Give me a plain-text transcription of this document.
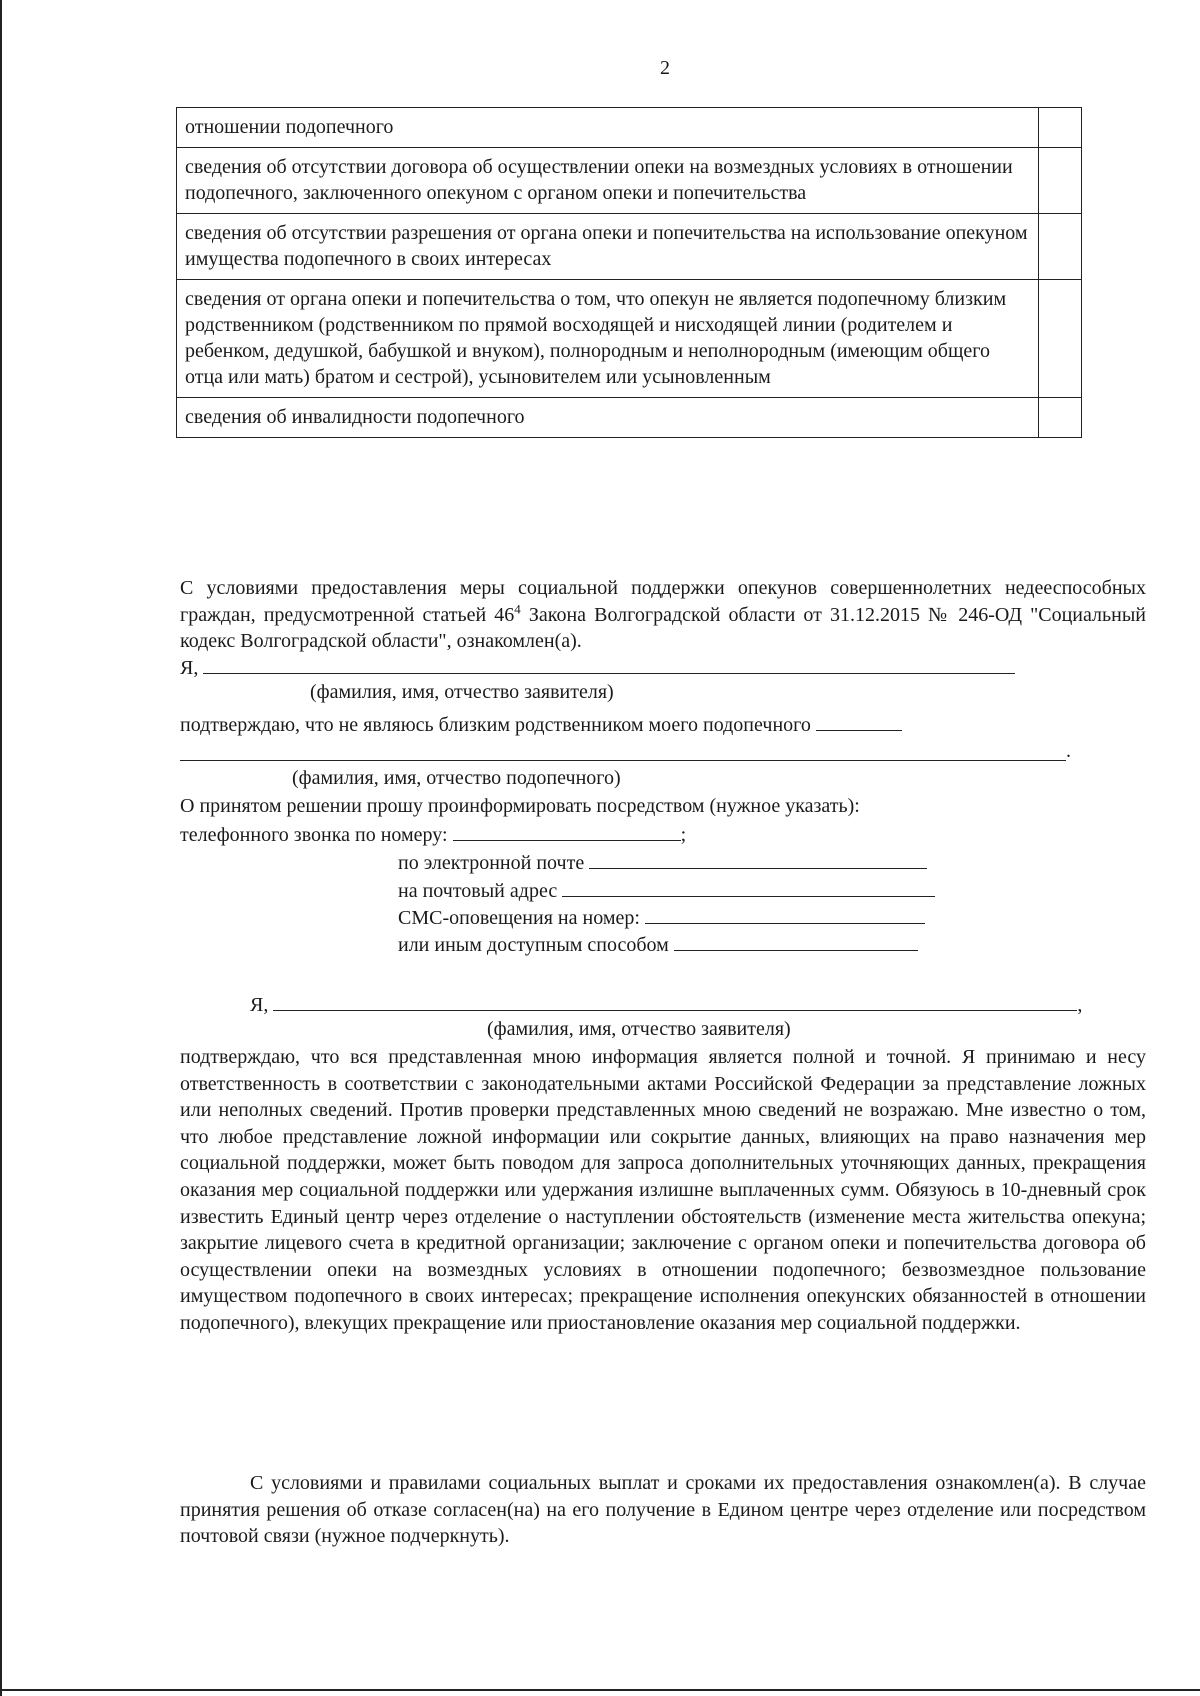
2
отношении подопечного	
сведения об отсутствии договора об осуществлении опеки на возмездных условиях в отношении подопечного, заключенного опекуном с органом опеки и попечительства	
сведения об отсутствии разрешения от органа опеки и попечительства на использование опекуном имущества подопечного в своих интересах	
сведения от органа опеки и попечительства о том, что опекун не является подопечному близким родственником (родственником по прямой восходящей и нисходящей линии (родителем и ребенком, дедушкой, бабушкой и внуком), полнородным и неполнородным (имеющим общего отца или мать) братом и сестрой), усыновителем или усыновленным	
сведения об инвалидности подопечного	
С условиями предоставления меры социальной поддержки опекунов совершеннолетних недееспособных граждан, предусмотренной статьей $46^4$ Закона Волгоградской области от 31.12.2015 № 246-ОД "Социальный кодекс Волгоградской области", ознакомлен(а).
Я,
(фамилия, имя, отчество заявителя)
подтверждаю, что не являюсь близким родственником моего подопечного
.
(фамилия, имя, отчество подопечного)
О принятом решении прошу проинформировать посредством (нужное указать):
телефонного звонка по номеру:	;
по электронной почте
на почтовый адрес
СМС-оповещения на номер:
или иным доступным способом
Я,	,
(фамилия, имя, отчество заявителя)
подтверждаю, что вся представленная мною информация является полной и точной. Я принимаю и несу ответственность в соответствии с законодательными актами Российской Федерации за представление ложных или неполных сведений. Против проверки представленных мною сведений не возражаю. Мне известно о том, что любое представление ложной информации или сокрытие данных, влияющих на право назначения мер социальной поддержки, может быть поводом для запроса дополнительных уточняющих данных, прекращения оказания мер социальной поддержки или удержания излишне выплаченных сумм. Обязуюсь в 10-дневный срок известить Единый центр через отделение о наступлении обстоятельств (изменение места жительства опекуна; закрытие лицевого счета в кредитной организации; заключение с органом опеки и попечительства договора об осуществлении опеки на возмездных условиях в отношении подопечного; безвозмездное пользование имуществом подопечного в своих интересах; прекращение исполнения опекунских обязанностей в отношении подопечного), влекущих прекращение или приостановление оказания мер социальной поддержки.
С условиями и правилами социальных выплат и сроками их предоставления ознакомлен(а). В случае принятия решения об отказе согласен(на) на его получение в Едином центре через отделение или посредством почтовой связи (нужное подчеркнуть).
